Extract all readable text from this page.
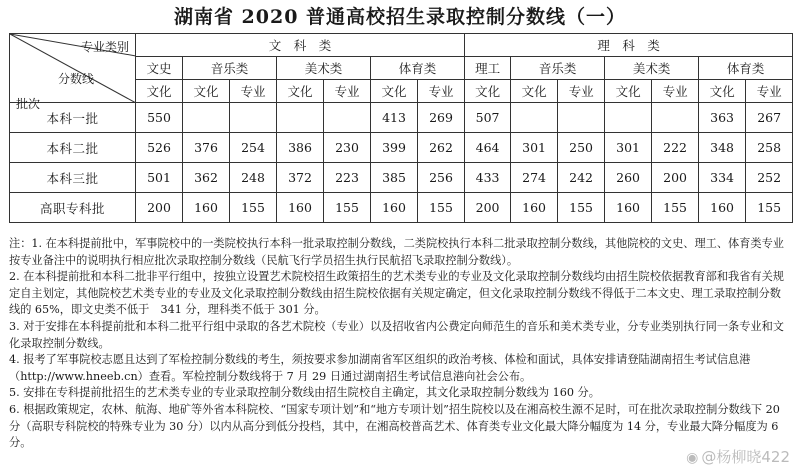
湖南省 2020 普通高校招生录取控制分数线（一）
专业类别
分数线
批次	文　科　类							理　科　类						
	文史	音乐类		美术类		体育类		理工	音乐类		美术类		体育类	
	文化	文化	专业	文化	专业	文化	专业	文化	文化	专业	文化	专业	文化	专业
本科一批	550					413	269	507					363	267
本科二批	526	376	254	386	230	399	262	464	301	250	301	222	348	258
本科三批	501	362	248	372	223	385	256	433	274	242	260	200	334	252
高职专科批	200	160	155	160	155	160	155	200	160	155	160	155	160	155

注：1. 在本科提前批中，军事院校中的一类院校执行本科一批录取控制分数线，二类院校执行本科二批录取控制分数线，其他院校的文史、理工、体育类专业按专业备注中的说明执行相应批次录取控制分数线（民航飞行学员招生执行民航招飞录取控制分数线）。

2. 在本科提前批和本科二批非平行组中，按独立设置艺术院校招生政策招生的艺术类专业的专业及文化录取控制分数线均由招生院校依据教育部和我省有关规定自主划定，其他院校艺术类专业的专业及文化录取控制分数线由招生院校依据有关规定确定，但文化录取控制分数线不得低于二本文史、理工录取控制分数线的 65%，即文史类不低于　341 分，理科类不低于 301 分。

3. 对于安排在本科提前批和本科二批平行组中录取的各艺术院校（专业）以及招收省内公费定向师范生的音乐和美术类专业，分专业类别执行同一条专业和文化录取控制分数线。

4. 报考了军事院校志愿且达到了军检控制分数线的考生，须按要求参加湖南省军区组织的政治考核、体检和面试，具体安排请登陆湖南招生考试信息港（http://www.hneeb.cn）查看。军检控制分数线将于 7 月 29 日通过湖南招生考试信息港向社会公布。

5. 安排在专科提前批招生的艺术类专业的专业录取控制分数线由招生院校自主确定，其文化录取控制分数线为 160 分。

6. 根据政策规定，农林、航海、地矿等外省本科院校、“国家专项计划”和“地方专项计划”招生院校以及在湘高校生源不足时，可在批次录取控制分数线下 20 分（高职专科院校的特殊专业为 30 分）以内从高分到低分投档，其中，在湘高校普高艺术、体育类专业文化最大降分幅度为 14 分，专业最大降分幅度为 6 分。

◉ @杨柳晓422
